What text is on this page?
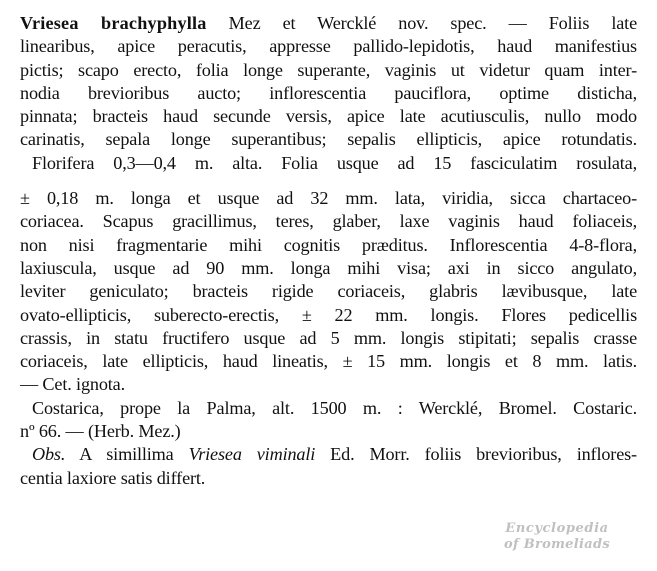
Vriesea brachyphylla Mez et Wercklé nov. spec. — Foliis late

linearibus, apice peracutis, appresse pallido-lepidotis, haud manifestius

pictis; scapo erecto, folia longe superante, vaginis ut videtur quam inter-

nodia brevioribus aucto; inflorescentia pauciflora, optime disticha,

pinnata; bracteis haud secunde versis, apice late acutiusculis, nullo modo

carinatis, sepala longe superantibus; sepalis ellipticis, apice rotundatis.

Florifera 0,3—0,4 m. alta. Folia usque ad 15 fasciculatim rosulata,

± 0,18 m. longa et usque ad 32 mm. lata, viridia, sicca chartaceo-

coriacea. Scapus gracillimus, teres, glaber, laxe vaginis haud foliaceis,

non nisi fragmentarie mihi cognitis præditus. Inflorescentia 4-8-flora,

laxiuscula, usque ad 90 mm. longa mihi visa; axi in sicco angulato,

leviter geniculato; bracteis rigide coriaceis, glabris lævibusque, late

ovato-ellipticis, suberecto-erectis, ± 22 mm. longis. Flores pedicellis

crassis, in statu fructifero usque ad 5 mm. longis stipitati; sepalis crasse

coriaceis, late ellipticis, haud lineatis, ± 15 mm. longis et 8 mm. latis.

— Cet. ignota.

Costarica, prope la Palma, alt. 1500 m. : Wercklé, Bromel. Costaric.

nº 66. — (Herb. Mez.)

Obs. A simillima Vriesea viminali Ed. Morr. foliis brevioribus, inflores-

centia laxiore satis differt.

Encyclopedia
of Bromeliads
